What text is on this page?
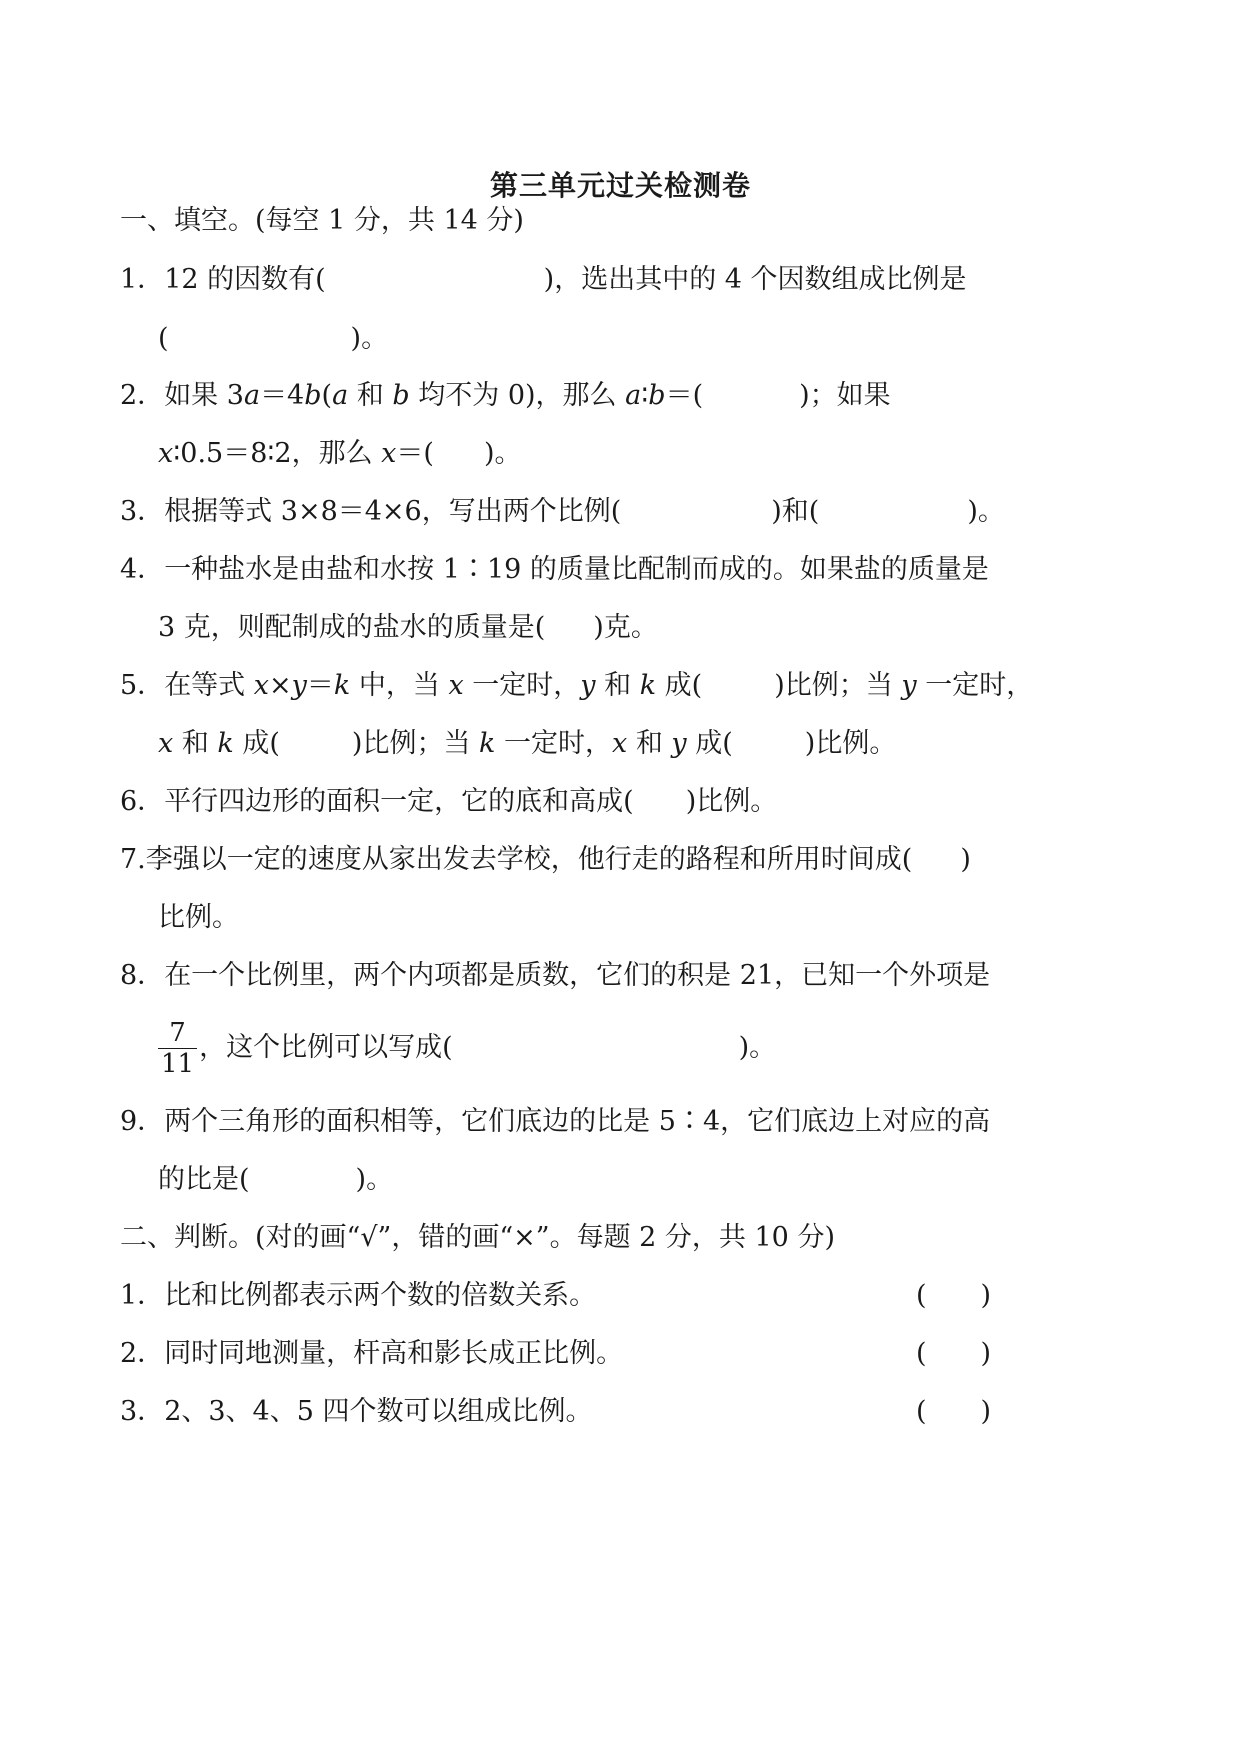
第三单元过关检测卷
一、填空。(每空 1 分，共 14 分)
1．12 的因数有(	)，选出其中的 4 个因数组成比例是
(	)。
2．如果 3a＝4b(a 和 b 均不为 0)，那么 a∶b＝(	)；如果
x∶0.5＝8∶2，那么 x＝( )。
3．根据等式 3×8＝4×6，写出两个比例(	)和(	)。
4．一种盐水是由盐和水按 1∶19 的质量比配制而成的。如果盐的质量是
3 克，则配制成的盐水的质量是( )克。
5．在等式 x×y＝k 中，当 x 一定时，y 和 k 成(	)比例；当 y 一定时，
x 和 k 成(	)比例；当 k 一定时，x 和 y 成(	)比例。
6．平行四边形的面积一定，它的底和高成( )比例。
7.李强以一定的速度从家出发去学校，他行走的路程和所用时间成( )
比例。
8．在一个比例里，两个内项都是质数，它们的积是 21，已知一个外项是
$\frac{7}{11}$ ，这个比例可以写成(	)。
9．两个三角形的面积相等，它们底边的比是 5∶4，它们底边上对应的高
的比是(	)。
二、判断。(对的画“√”，错的画“×”。每题 2 分，共 10 分)
1．比和比例都表示两个数的倍数关系。	(　　)
2．同时同地测量，杆高和影长成正比例。	(　　)
3．2、3、4、5 四个数可以组成比例。	(　　)
